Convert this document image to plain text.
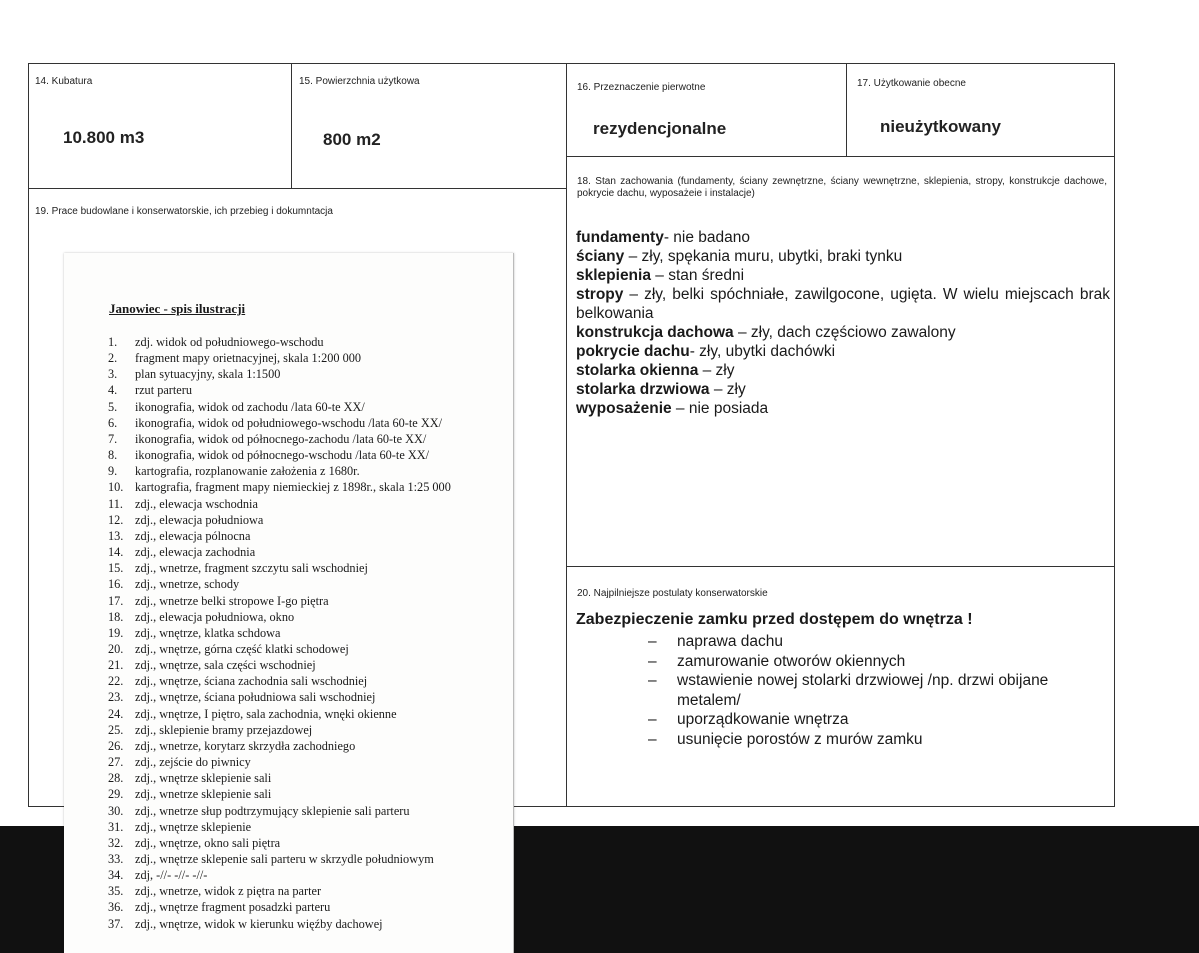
14. Kubatura
10.800 m3
15. Powierzchnia użytkowa
800 m2
19. Prace budowlane i konserwatorskie, ich przebieg i dokumntacja
16. Przeznaczenie pierwotne
rezydencjonalne
17. Użytkowanie obecne
nieużytkowany
18. Stan zachowania (fundamenty, ściany zewnętrzne, ściany wewnętrzne, sklepienia, stropy, konstrukcje dachowe, pokrycie dachu, wyposażeie i instalacje)
fundamenty- nie badano
ściany – zły, spękania muru, ubytki, braki tynku
sklepienia – stan średni
stropy – zły, belki spóchniałe, zawilgocone, ugięta. W wielu miejscach brak belkowania
konstrukcja dachowa – zły, dach częściowo zawalony
pokrycie dachu- zły, ubytki dachówki
stolarka okienna – zły
stolarka drzwiowa – zły
wyposażenie – nie posiada
20. Najpilniejsze postulaty konserwatorskie
Zabezpieczenie zamku przed dostępem do wnętrza !
– naprawa dachu
– zamurowanie otworów okiennych
– wstawienie nowej stolarki drzwiowej /np. drzwi obijane metalem/
– uporządkowanie wnętrza
– usunięcie porostów z murów zamku
Janowiec - spis ilustracji
1.	zdj. widok od południowego-wschodu
2.	fragment mapy orietnacyjnej, skala 1:200 000
3.	plan sytuacyjny, skala 1:1500
4.	rzut parteru
5.	ikonografia, widok od zachodu /lata 60-te XX/
6.	ikonografia, widok od południowego-wschodu /lata 60-te XX/
7.	ikonografia, widok od północnego-zachodu /lata 60-te XX/
8.	ikonografia, widok od północnego-wschodu /lata 60-te XX/
9.	kartografia, rozplanowanie założenia z 1680r.
10. kartografia, fragment mapy niemieckiej z 1898r., skala 1:25 000
11. zdj., elewacja wschodnia
12. zdj., elewacja południowa
13. zdj., elewacja pólnocna
14. zdj., elewacja zachodnia
15. zdj., wnetrze, fragment szczytu sali wschodniej
16. zdj., wnetrze, schody
17. zdj., wnetrze belki stropowe I-go piętra
18. zdj., elewacja południowa, okno
19. zdj., wnętrze, klatka schdowa
20. zdj., wnętrze, górna część klatki schodowej
21. zdj., wnętrze, sala części wschodniej
22. zdj., wnętrze, ściana zachodnia sali wschodniej
23. zdj., wnętrze, ściana południowa sali wschodniej
24. zdj., wnętrze, I piętro, sala zachodnia, wnęki okienne
25. zdj., sklepienie bramy przejazdowej
26. zdj., wnetrze, korytarz skrzydła zachodniego
27. zdj., zejście do piwnicy
28. zdj., wnętrze sklepienie sali
29. zdj., wnetrze sklepienie sali
30. zdj., wnetrze słup podtrzymujący sklepienie sali parteru
31. zdj., wnętrze sklepienie
32. zdj., wnętrze, okno sali piętra
33. zdj., wnętrze sklepenie sali parteru w skrzydle południowym
34. zdj, -//- -//- -//-
35. zdj., wnetrze, widok z piętra na parter
36. zdj., wnętrze fragment posadzki parteru
37. zdj., wnętrze, widok w kierunku więźby dachowej
